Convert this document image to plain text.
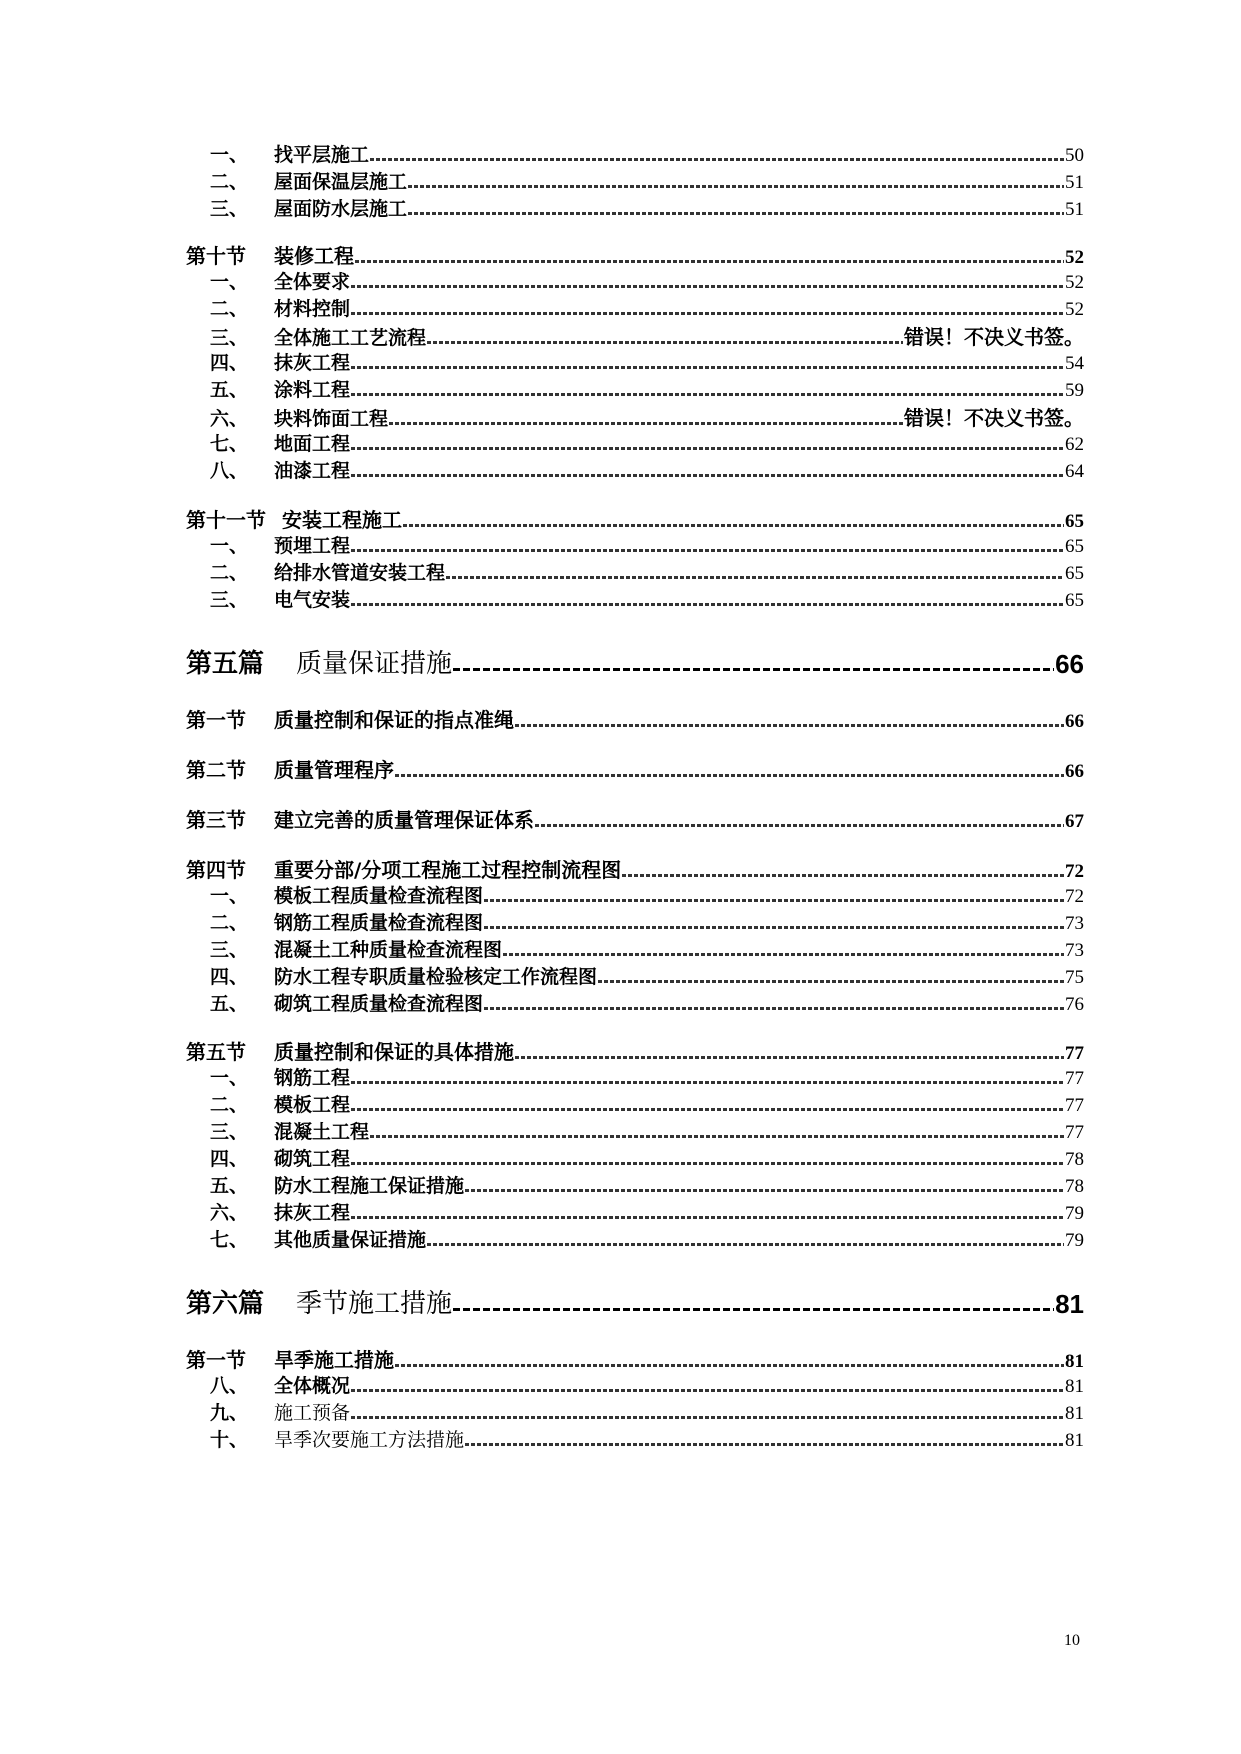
一、	找平层施工	50
二、	屋面保温层施工	51
三、	屋面防水层施工	51
第十节	装修工程	52
一、	全体要求	52
二、	材料控制	52
三、	全体施工工艺流程	错误！不决义书签。
四、	抹灰工程	54
五、	涂料工程	59
六、	块料饰面工程	错误！不决义书签。
七、	地面工程	62
八、	油漆工程	64
第十一节 安装工程施工	65
一、	预埋工程	65
二、	给排水管道安装工程	65
三、	电气安装	65
第五篇	质量保证措施	66
第一节	质量控制和保证的指点准绳	66
第二节	质量管理程序	66
第三节	建立完善的质量管理保证体系	67
第四节	重要分部/分项工程施工过程控制流程图	72
一、	模板工程质量检查流程图	72
二、	钢筋工程质量检查流程图	73
三、	混凝土工种质量检查流程图	73
四、	防水工程专职质量检验核定工作流程图	75
五、	砌筑工程质量检查流程图	76
第五节	质量控制和保证的具体措施	77
一、	钢筋工程	77
二、	模板工程	77
三、	混凝土工程	77
四、	砌筑工程	78
五、	防水工程施工保证措施	78
六、	抹灰工程	79
七、	其他质量保证措施	79
第六篇	季节施工措施	81
第一节	旱季施工措施	81
八、	全体概况	81
九、	施工预备	81
十、	旱季次要施工方法措施	81
10
